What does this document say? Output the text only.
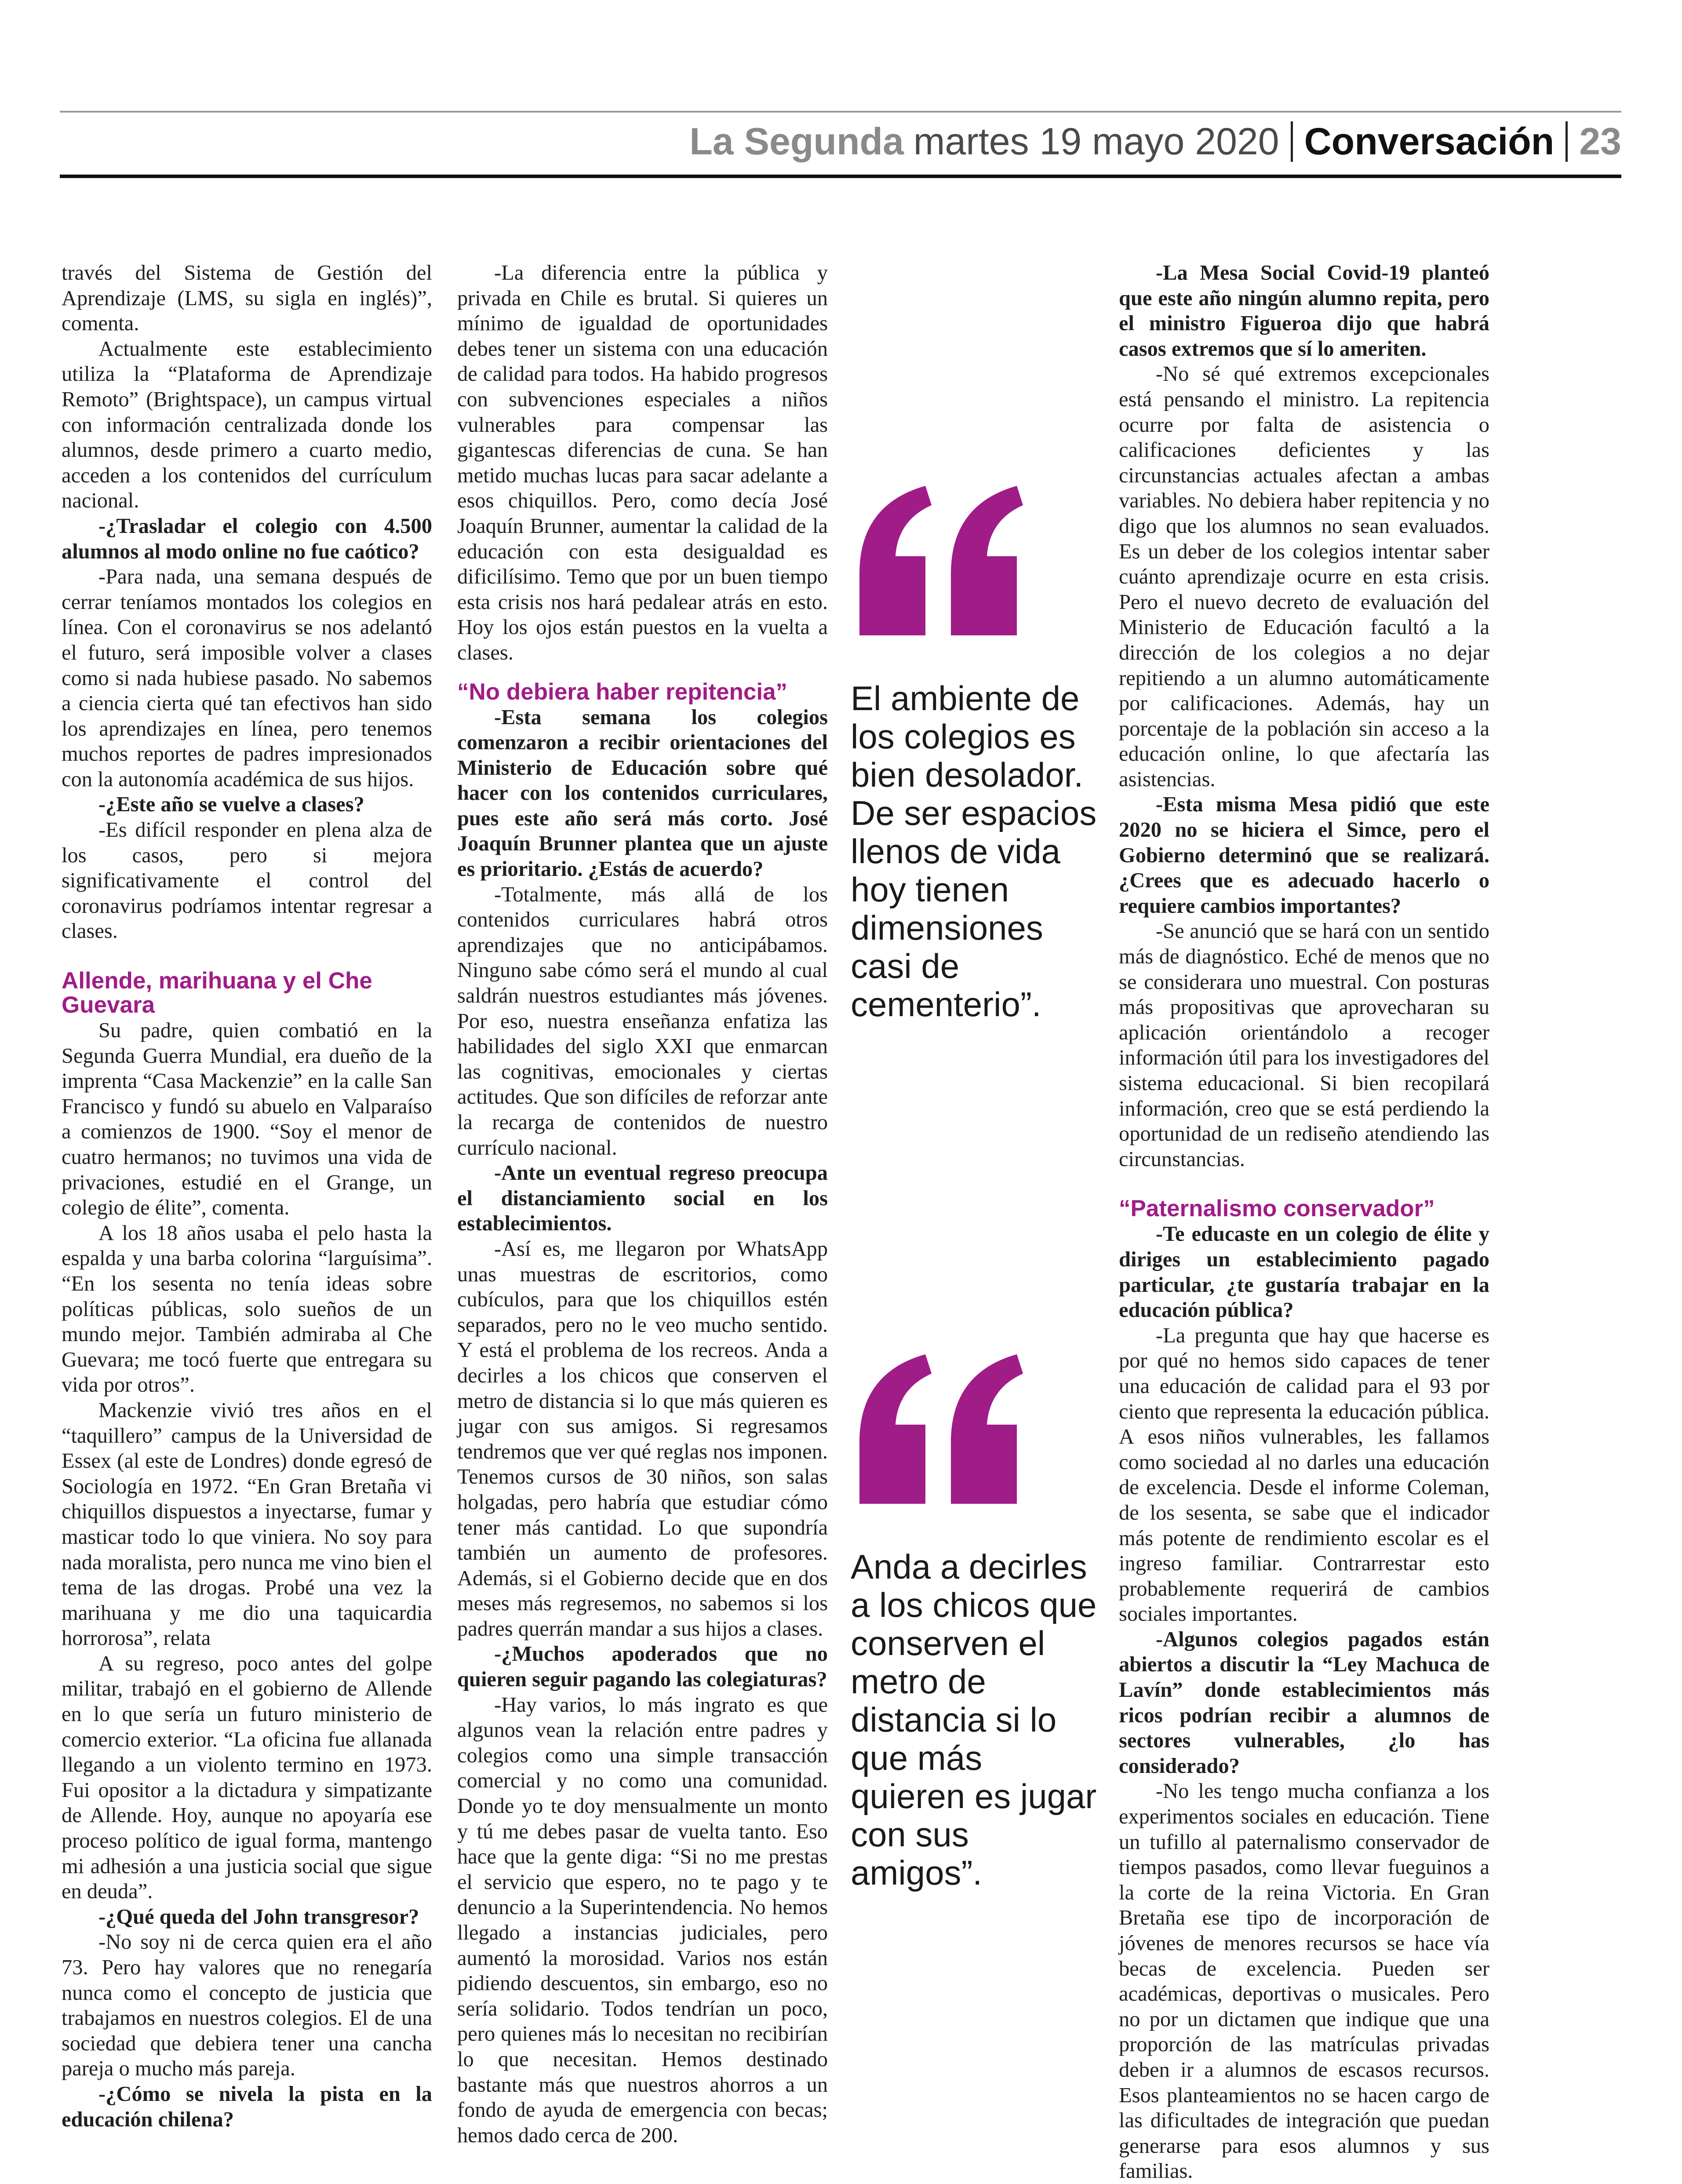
La Segunda martes 19 mayo 2020 Conversación 23

través del Sistema de Gestión del Aprendizaje (LMS, su sigla en inglés)”, comenta.

Actualmente este establecimiento utiliza la “Plataforma de Aprendizaje Remoto” (Brightspace), un campus virtual con información centralizada donde los alumnos, desde primero a cuarto medio, acceden a los contenidos del currículum nacional.

-¿Trasladar el colegio con 4.500 alumnos al modo online no fue caótico?

-Para nada, una semana después de cerrar teníamos montados los colegios en línea. Con el coronavirus se nos adelantó el futuro, será imposible volver a clases como si nada hubiese pasado. No sabemos a ciencia cierta qué tan efectivos han sido los aprendizajes en línea, pero tenemos muchos reportes de padres impresionados con la autonomía académica de sus hijos.

-¿Este año se vuelve a clases?

-Es difícil responder en plena alza de los casos, pero si mejora significativamente el control del coronavirus podríamos intentar regresar a clases.

Allende, marihuana y el Che Guevara

Su padre, quien combatió en la Segunda Guerra Mundial, era dueño de la imprenta “Casa Mackenzie” en la calle San Francisco y fundó su abuelo en Valparaíso a comienzos de 1900. “Soy el menor de cuatro hermanos; no tuvimos una vida de privaciones, estudié en el Grange, un colegio de élite”, comenta.

A los 18 años usaba el pelo hasta la espalda y una barba colorina “larguísima”. “En los sesenta no tenía ideas sobre políticas públicas, solo sueños de un mundo mejor. También admiraba al Che Guevara; me tocó fuerte que entregara su vida por otros”.

Mackenzie vivió tres años en el “taquillero” campus de la Universidad de Essex (al este de Londres) donde egresó de Sociología en 1972. “En Gran Bretaña vi chiquillos dispuestos a inyectarse, fumar y masticar todo lo que viniera. No soy para nada moralista, pero nunca me vino bien el tema de las drogas. Probé una vez la marihuana y me dio una taquicardia horrorosa”, relata

A su regreso, poco antes del golpe militar, trabajó en el gobierno de Allende en lo que sería un futuro ministerio de comercio exterior. “La oficina fue allanada llegando a un violento termino en 1973. Fui opositor a la dictadura y simpatizante de Allende. Hoy, aunque no apoyaría ese proceso político de igual forma, mantengo mi adhesión a una justicia social que sigue en deuda”.

-¿Qué queda del John transgresor?

-No soy ni de cerca quien era el año 73. Pero hay valores que no renegaría nunca como el concepto de justicia que trabajamos en nuestros colegios. El de una sociedad que debiera tener una cancha pareja o mucho más pareja.

-¿Cómo se nivela la pista en la educación chilena?

-La diferencia entre la pública y privada en Chile es brutal. Si quieres un mínimo de igualdad de oportunidades debes tener un sistema con una educación de calidad para todos. Ha habido progresos con subvenciones especiales a niños vulnerables para compensar las gigantescas diferencias de cuna. Se han metido muchas lucas para sacar adelante a esos chiquillos. Pero, como decía José Joaquín Brunner, aumentar la calidad de la educación con esta desigualdad es dificilísimo. Temo que por un buen tiempo esta crisis nos hará pedalear atrás en esto. Hoy los ojos están puestos en la vuelta a clases.

“No debiera haber repitencia”

-Esta semana los colegios comenzaron a recibir orientaciones del Ministerio de Educación sobre qué hacer con los contenidos curriculares, pues este año será más corto. José Joaquín Brunner plantea que un ajuste es prioritario. ¿Estás de acuerdo?

-Totalmente, más allá de los contenidos curriculares habrá otros aprendizajes que no anticipábamos. Ninguno sabe cómo será el mundo al cual saldrán nuestros estudiantes más jóvenes. Por eso, nuestra enseñanza enfatiza las habilidades del siglo XXI que enmarcan las cognitivas, emocionales y ciertas actitudes. Que son difíciles de reforzar ante la recarga de contenidos de nuestro currículo nacional.

-Ante un eventual regreso preocupa el distanciamiento social en los establecimientos.

-Así es, me llegaron por WhatsApp unas muestras de escritorios, como cubículos, para que los chiquillos estén separados, pero no le veo mucho sentido. Y está el problema de los recreos. Anda a decirles a los chicos que conserven el metro de distancia si lo que más quieren es jugar con sus amigos. Si regresamos tendremos que ver qué reglas nos imponen. Tenemos cursos de 30 niños, son salas holgadas, pero habría que estudiar cómo tener más cantidad. Lo que supondría también un aumento de profesores. Además, si el Gobierno decide que en dos meses más regresemos, no sabemos si los padres querrán mandar a sus hijos a clases.

-¿Muchos apoderados que no quieren seguir pagando las colegiaturas?

-Hay varios, lo más ingrato es que algunos vean la relación entre padres y colegios como una simple transacción comercial y no como una comunidad. Donde yo te doy mensualmente un monto y tú me debes pasar de vuelta tanto. Eso hace que la gente diga: “Si no me prestas el servicio que espero, no te pago y te denuncio a la Superintendencia. No hemos llegado a instancias judiciales, pero aumentó la morosidad. Varios nos están pidiendo descuentos, sin embargo, eso no sería solidario. Todos tendrían un poco, pero quienes más lo necesitan no recibirían lo que necesitan. Hemos destinado bastante más que nuestros ahorros a un fondo de ayuda de emergencia con becas; hemos dado cerca de 200.

El ambiente de los colegios es bien desolador. De ser espacios llenos de vida hoy tienen dimensiones casi de cementerio”.
Anda a decirles a los chicos que conserven el metro de distancia si lo que más quieren es jugar con sus amigos”.

-La Mesa Social Covid-19 planteó que este año ningún alumno repita, pero el ministro Figueroa dijo que habrá casos extremos que sí lo ameriten.

-No sé qué extremos excepcionales está pensando el ministro. La repitencia ocurre por falta de asistencia o calificaciones deficientes y las circunstancias actuales afectan a ambas variables. No debiera haber repitencia y no digo que los alumnos no sean evaluados. Es un deber de los colegios intentar saber cuánto aprendizaje ocurre en esta crisis. Pero el nuevo decreto de evaluación del Ministerio de Educación facultó a la dirección de los colegios a no dejar repitiendo a un alumno automáticamente por calificaciones. Además, hay un porcentaje de la población sin acceso a la educación online, lo que afectaría las asistencias.

-Esta misma Mesa pidió que este 2020 no se hiciera el Simce, pero el Gobierno determinó que se realizará. ¿Crees que es adecuado hacerlo o requiere cambios importantes?

-Se anunció que se hará con un sentido más de diagnóstico. Eché de menos que no se considerara uno muestral. Con posturas más propositivas que aprovecharan su aplicación orientándolo a recoger información útil para los investigadores del sistema educacional. Si bien recopilará información, creo que se está perdiendo la oportunidad de un rediseño atendiendo las circunstancias.

“Paternalismo conservador”

-Te educaste en un colegio de élite y diriges un establecimiento pagado particular, ¿te gustaría trabajar en la educación pública?

-La pregunta que hay que hacerse es por qué no hemos sido capaces de tener una educación de calidad para el 93 por ciento que representa la educación pública. A esos niños vulnerables, les fallamos como sociedad al no darles una educación de excelencia. Desde el informe Coleman, de los sesenta, se sabe que el indicador más potente de rendimiento escolar es el ingreso familiar. Contrarrestar esto probablemente requerirá de cambios sociales importantes.

-Algunos colegios pagados están abiertos a discutir la “Ley Machuca de Lavín” donde establecimientos más ricos podrían recibir a alumnos de sectores vulnerables, ¿lo has considerado?

-No les tengo mucha confianza a los experimentos sociales en educación. Tiene un tufillo al paternalismo conservador de tiempos pasados, como llevar fueguinos a la corte de la reina Victoria. En Gran Bretaña ese tipo de incorporación de jóvenes de menores recursos se hace vía becas de excelencia. Pueden ser académicas, deportivas o musicales. Pero no por un dictamen que indique que una proporción de las matrículas privadas deben ir a alumnos de escasos recursos. Esos planteamientos no se hacen cargo de las dificultades de integración que puedan generarse para esos alumnos y sus familias.
